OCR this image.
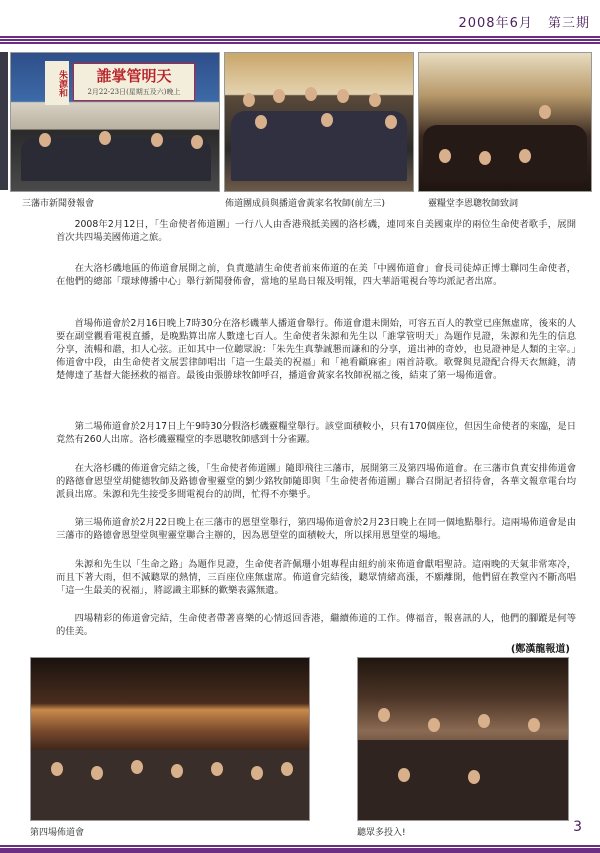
2008年6月 第三期
誰掌管明天
2月22-23日(星期五及六)晚上
朱源和
三藩市新聞發報會	佈道團成員與播道會黃家名牧師(前左三)	靈糧堂李恩聰牧師致詞

2008年2月12日，「生命使者佈道團」一行八人由香港飛抵美國的洛杉磯，連同來自美國東岸的兩位生命使者歌手，展開首次共四場美國佈道之旅。

在大洛杉磯地區的佈道會展開之前，負責邀請生命使者前來佈道的在美「中國佈道會」會長司徒焯正博士聯同生命使者，在他們的總部「環球傳播中心」舉行新聞發佈會，當地的星島日報及明報，四大華語電視台等均派記者出席。

首場佈道會於2月16日晚上7時30分在洛杉磯華人播道會舉行。佈道會還未開始，可容五百人的教堂已座無虛席，後來的人要在副堂觀看電視直播，是晚點算出席人數達七百人。生命使者朱源和先生以「誰掌管明天」為題作見證，朱源和先生的信息分享，流暢和諧，扣人心弦。正如其中一位聽眾說：「朱先生真摯誠懇而謙和的分享，道出神的奇妙，也見證神是人類的主宰。」佈道會中段，由生命使者文展雲律師唱出「這一生最美的祝福」和「祂看顧麻雀」兩首詩歌。歌聲與見證配合得天衣無縫，清楚傳達了基督大能拯救的福音。最後由張勝球牧師呼召，播道會黃家名牧師祝福之後，結束了第一場佈道會。

第二場佈道會於2月17日上午9時30分假洛杉磯靈糧堂舉行。該堂面積較小，只有170個座位，但因生命使者的來臨，是日竟然有260人出席。洛杉磯靈糧堂的李恩聰牧師感到十分雀躍。

在大洛杉磯的佈道會完結之後，「生命使者佈道團」隨即飛往三藩市，展開第三及第四場佈道會。在三藩市負責安排佈道會的路德會恩望堂胡健德牧師及路德會聖靈堂的劉少銘牧師隨即與「生命使者佈道團」聯合召開記者招待會，各華文報章電台均派員出席。朱源和先生接受多間電視台的訪問，忙得不亦樂乎。

第三場佈道會於2月22日晚上在三藩市的恩望堂舉行，第四場佈道會於2月23日晚上在同一個地點舉行。這兩場佈道會是由三藩市的路德會恩望堂與聖靈堂聯合主辦的，因為恩望堂的面積較大，所以採用恩望堂的場地。

朱源和先生以「生命之路」為題作見證，生命使者許佩珊小姐專程由紐約前來佈道會獻唱聖詩。這兩晚的天氣非常寒冷，而且下著大雨，但不減聽眾的熱情，三百座位座無虛席。佈道會完結後，聽眾情緒高漲，不願離開，他們留在教堂內不斷高唱「這一生最美的祝福」，將認識主耶穌的歡樂表露無遺。

四場精彩的佈道會完結，生命使者帶著喜樂的心情返回香港，繼續佈道的工作。傳福音，報喜訊的人，他們的腳蹤是何等的佳美。

(鄭漢龍報道)
第四場佈道會	聽眾多投入!	3
